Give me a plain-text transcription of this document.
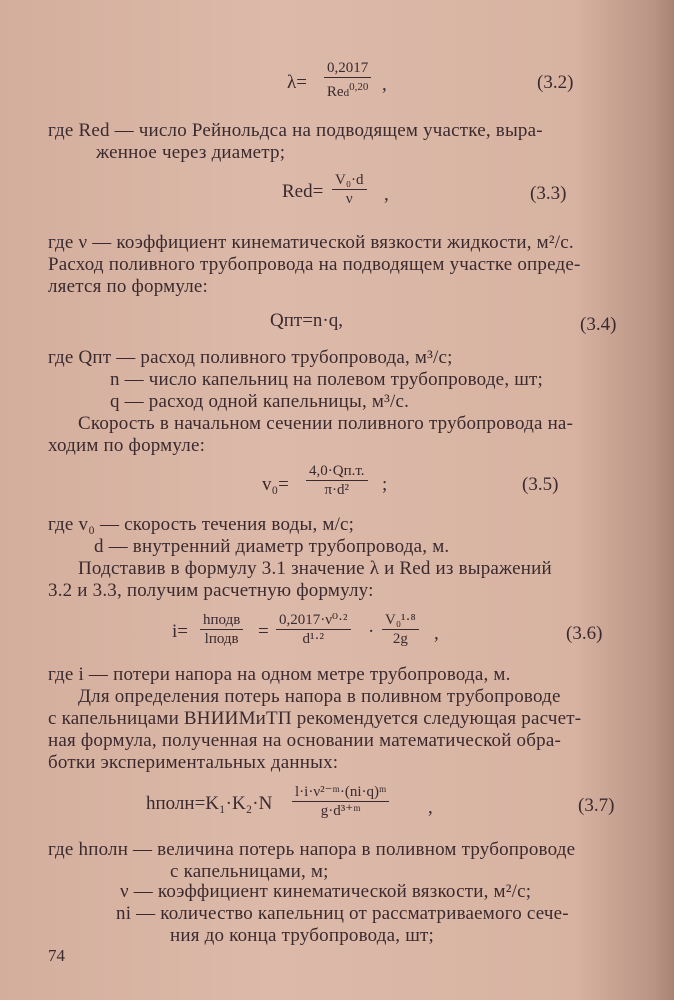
λ=
0,2017
Red$^{0,20}$ ,	(3.2)
где Rеd — число Рейнольдса на подводящем участке, выра-
женное через диаметр;
$Rеd= \frac{\text{V₀·d}}{\nu}$ ,	(3.3)
где ν — коэффициент кинематической вязкости жидкости, м²/с.
Расход поливного трубопровода на подводящем участке опреде-
ляется по формуле:
Qпт=n·q,	(3.4)
где Qпт — расход поливного трубопровода, м³/с;
n — число капельниц на полевом трубопроводе, шт;
q — расход одной капельницы, м³/с.
Скорость в начальном сечении поливного трубопровода на-
ходим по формуле:
v₀=
4,0·Qп.т.
π·d²	;	(3.5)
где v₀ — скорость течения воды, м/с;
d — внутренний диаметр трубопровода, м.
Подставив в формулу 3.1 значение λ и Rеd из выражений
3.2 и 3.3, получим расчетную формулу:
i=
hподв
lподв = $\frac{\text{0,2017·ν⁰·²}}{\text{d¹·²}} \cdot \frac{\text{V₀¹·⁸}}{2g}$ ,	(3.6)
где i — потери напора на одном метре трубопровода, м.
Для определения потерь напора в поливном трубопроводе
с капельницами ВНИИМиТП рекомендуется следующая расчет-
ная формула, полученная на основании математической обра-
ботки экспериментальных данных:
hполн=K₁·K₂·N $\frac{\text{l·i·ν²⁻ᵐ·(ni·q)ᵐ}}{\text{g·d³⁺ᵐ}}$ ,	(3.7)
где hполн — величина потерь напора в поливном трубопроводе
с капельницами, м;
ν — коэффициент кинематической вязкости, м²/с;
ni — количество капельниц от рассматриваемого сече-
ния до конца трубопровода, шт;
74
